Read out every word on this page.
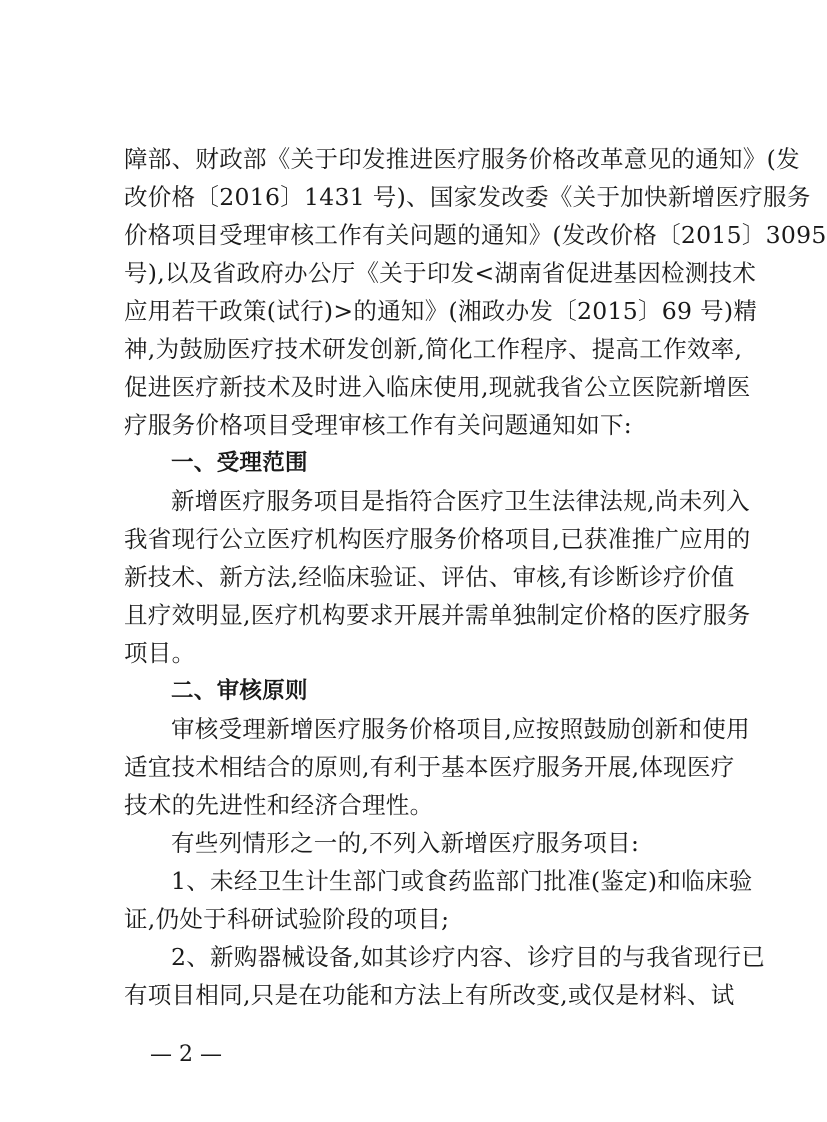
障部、财政部《关于印发推进医疗服务价格改革意见的通知》(发
改价格〔2016〕1431 号)、国家发改委《关于加快新增医疗服务
价格项目受理审核工作有关问题的通知》(发改价格〔2015〕3095
号),以及省政府办公厅《关于印发<湖南省促进基因检测技术
应用若干政策(试行)>的通知》(湘政办发〔2015〕69 号)精
神,为鼓励医疗技术研发创新,简化工作程序、提高工作效率,
促进医疗新技术及时进入临床使用,现就我省公立医院新增医
疗服务价格项目受理审核工作有关问题通知如下:
一、受理范围
新增医疗服务项目是指符合医疗卫生法律法规,尚未列入
我省现行公立医疗机构医疗服务价格项目,已获准推广应用的
新技术、新方法,经临床验证、评估、审核,有诊断诊疗价值
且疗效明显,医疗机构要求开展并需单独制定价格的医疗服务
项目。
二、审核原则
审核受理新增医疗服务价格项目,应按照鼓励创新和使用
适宜技术相结合的原则,有利于基本医疗服务开展,体现医疗
技术的先进性和经济合理性。
有些列情形之一的,不列入新增医疗服务项目:
1、未经卫生计生部门或食药监部门批准(鉴定)和临床验
证,仍处于科研试验阶段的项目;
2、新购器械设备,如其诊疗内容、诊疗目的与我省现行已
有项目相同,只是在功能和方法上有所改变,或仅是材料、试
— 2 —
